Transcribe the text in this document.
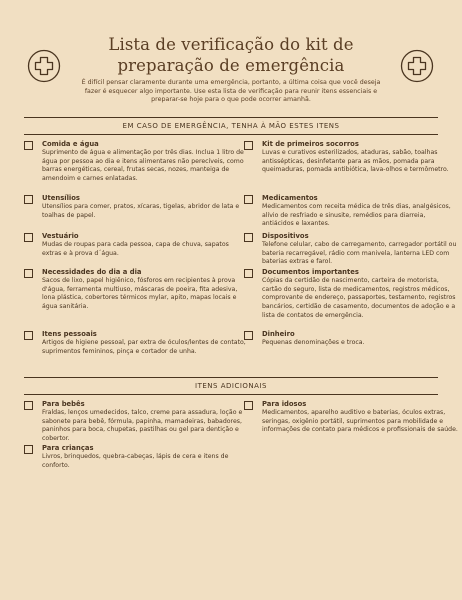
Lista de verificação do kit de preparação de emergência
É difícil pensar claramente durante uma emergência, portanto, a última coisa que você deseja fazer é esquecer algo importante. Use esta lista de verificação para reunir itens essenciais e preparar-se hoje para o que pode ocorrer amanhã.
EM CASO DE EMERGÊNCIA, TENHA À MÃO ESTES ITENS
Comida e água
Suprimento de água e alimentação por três dias. Inclua 1 litro de água por pessoa ao dia e itens alimentares não perecíveis, como barras energéticas, cereal, frutas secas, nozes, manteiga de amendoim e carnes enlatadas.
Utensílios
Utensílios para comer, pratos, xícaras, tigelas, abridor de lata e toalhas de papel.
Vestuário
Mudas de roupas para cada pessoa, capa de chuva, sapatos extras e à prova d´água.
Necessidades do dia a dia
Sacos de lixo, papel higiênico, fósforos em recipientes à prova d'água, ferramenta multiuso, máscaras de poeira, fita adesiva, lona plástica, cobertores térmicos mylar, apito, mapas locais e água sanitária.
Itens pessoais
Artigos de higiene pessoal, par extra de óculos/lentes de contato, suprimentos femininos, pinça e cortador de unha.
Kit de primeiros socorros
Luvas e curativos esterilizados, ataduras, sabão, toalhas antissépticas, desinfetante para as mãos, pomada para queimaduras, pomada antibiótica, lava-olhos e termômetro.
Medicamentos
Medicamentos com receita médica de três dias, analgésicos, alívio de resfriado e sinusite, remédios para diarreia, antiácidos e laxantes.
Dispositivos
Telefone celular, cabo de carregamento, carregador portátil ou bateria recarregável, rádio com manivela, lanterna LED com baterias extras e farol.
Documentos importantes
Cópias da certidão de nascimento, carteira de motorista, cartão do seguro, lista de medicamentos, registros médicos, comprovante de endereço, passaportes, testamento, registros bancários, certidão de casamento, documentos de adoção e a lista de contatos de emergência.
Dinheiro
Pequenas denominações e troca.
ITENS ADICIONAIS
Para bebês
Fraldas, lenços umedecidos, talco, creme para assadura, loção e sabonete para bebê, fórmula, papinha, mamadeiras, babadores, paninhos para boca, chupetas, pastilhas ou gel para dentição e cobertor.
Para crianças
Livros, brinquedos, quebra-cabeças, lápis de cera e itens de conforto.
Para idosos
Medicamentos, aparelho auditivo e baterias, óculos extras, seringas, oxigênio portátil, suprimentos para mobilidade e informações de contato para médicos e profissionais de saúde.
